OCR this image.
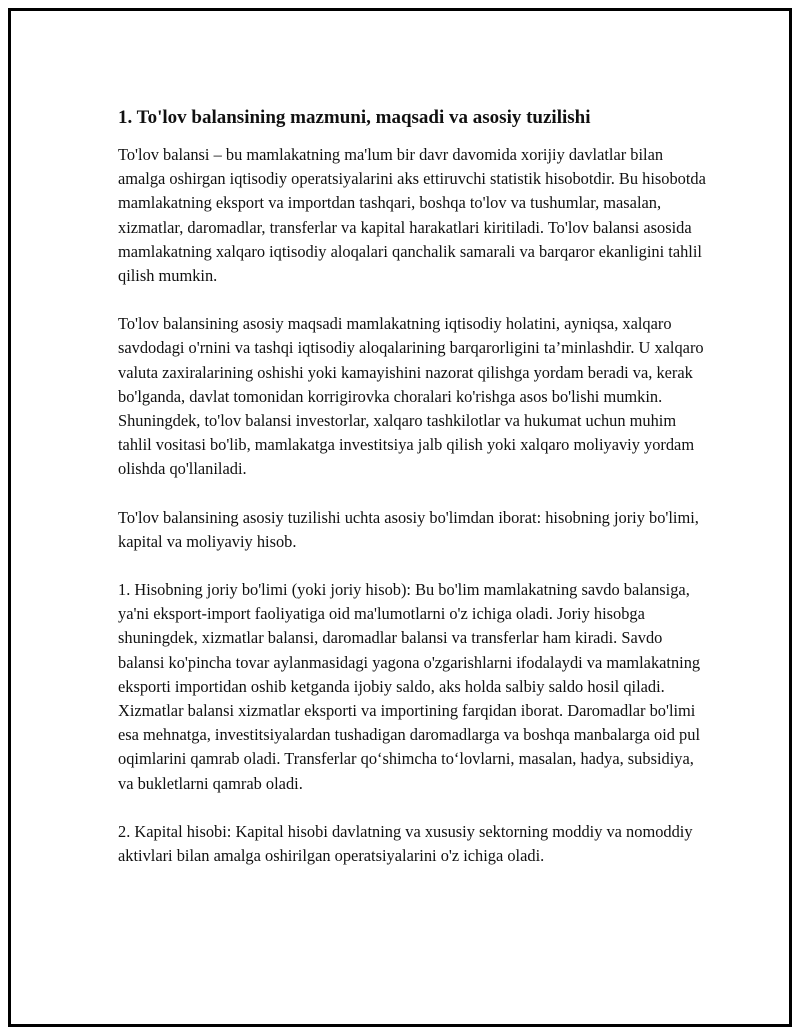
1. To'lov balansining mazmuni, maqsadi va asosiy tuzilishi

To'lov balansi – bu mamlakatning ma'lum bir davr davomida xorijiy davlatlar bilan amalga oshirgan iqtisodiy operatsiyalarini aks ettiruvchi statistik hisobotdir. Bu hisobotda mamlakatning eksport va importdan tashqari, boshqa to'lov va tushumlar, masalan, xizmatlar, daromadlar, transferlar va kapital harakatlari kiritiladi. To'lov balansi asosida mamlakatning xalqaro iqtisodiy aloqalari qanchalik samarali va barqaror ekanligini tahlil qilish mumkin.

To'lov balansining asosiy maqsadi mamlakatning iqtisodiy holatini, ayniqsa, xalqaro savdodagi o'rnini va tashqi iqtisodiy aloqalarining barqarorligini ta’minlashdir. U xalqaro valuta zaxiralarining oshishi yoki kamayishini nazorat qilishga yordam beradi va, kerak bo'lganda, davlat tomonidan korrigirovka choralari ko'rishga asos bo'lishi mumkin. Shuningdek, to'lov balansi investorlar, xalqaro tashkilotlar va hukumat uchun muhim tahlil vositasi bo'lib, mamlakatga investitsiya jalb qilish yoki xalqaro moliyaviy yordam olishda qo'llaniladi.

To'lov balansining asosiy tuzilishi uchta asosiy bo'limdan iborat: hisobning joriy bo'limi, kapital va moliyaviy hisob.

1. Hisobning joriy bo'limi (yoki joriy hisob): Bu bo'lim mamlakatning savdo balansiga, ya'ni eksport-import faoliyatiga oid ma'lumotlarni o'z ichiga oladi. Joriy hisobga shuningdek, xizmatlar balansi, daromadlar balansi va transferlar ham kiradi. Savdo balansi ko'pincha tovar aylanmasidagi yagona o'zgarishlarni ifodalaydi va mamlakatning eksporti importidan oshib ketganda ijobiy saldo, aks holda salbiy saldo hosil qiladi. Xizmatlar balansi xizmatlar eksporti va importining farqidan iborat. Daromadlar bo'limi esa mehnatga, investitsiyalardan tushadigan daromadlarga va boshqa manbalarga oid pul oqimlarini qamrab oladi. Transferlar qo‘shimcha to‘lovlarni, masalan, hadya, subsidiya, va bukletlarni qamrab oladi.

2. Kapital hisobi: Kapital hisobi davlatning va xususiy sektorning moddiy va nomoddiy aktivlari bilan amalga oshirilgan operatsiyalarini o'z ichiga oladi.
